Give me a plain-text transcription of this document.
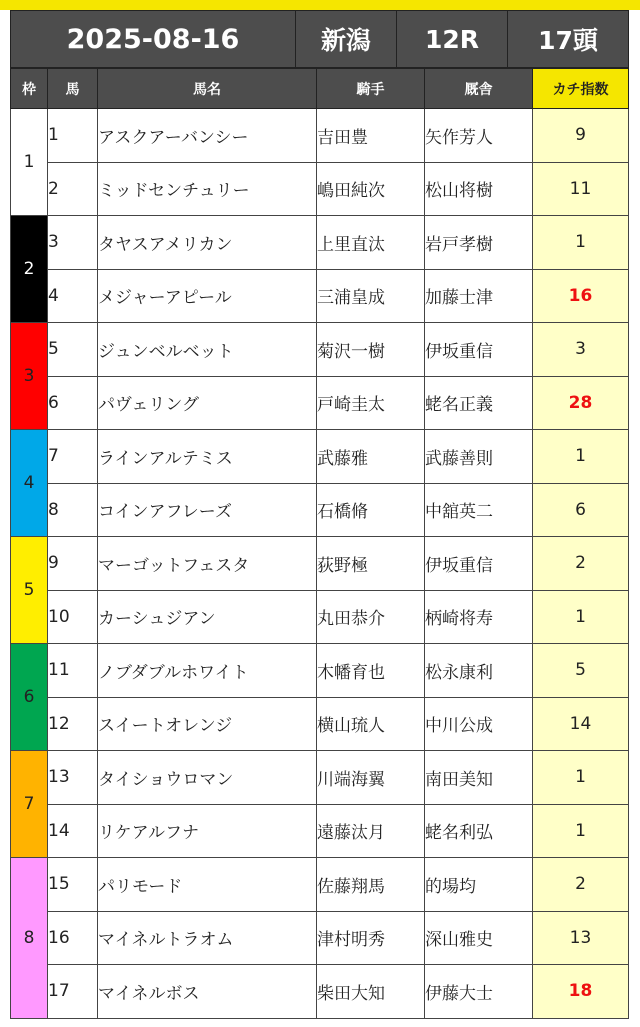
2025-08-16	新潟	12R	17頭
枠	馬	馬名	騎手	厩舎	カチ指数
1	1	アスクアーバンシー	吉田豊	矢作芳人	9
	2	ミッドセンチュリー	嶋田純次	松山将樹	11
2	3	タヤスアメリカン	上里直汰	岩戸孝樹	1
	4	メジャーアピール	三浦皇成	加藤士津	16
3	5	ジュンベルベット	菊沢一樹	伊坂重信	3
	6	パヴェリング	戸崎圭太	蛯名正義	28
4	7	ラインアルテミス	武藤雅	武藤善則	1
	8	コインアフレーズ	石橋脩	中舘英二	6
5	9	マーゴットフェスタ	荻野極	伊坂重信	2
	10	カーシュジアン	丸田恭介	柄崎将寿	1
6	11	ノブダブルホワイト	木幡育也	松永康利	5
	12	スイートオレンジ	横山琉人	中川公成	14
7	13	タイショウロマン	川端海翼	南田美知	1
	14	リケアルフナ	遠藤汰月	蛯名利弘	1
8	15	パリモード	佐藤翔馬	的場均	2
	16	マイネルトラオム	津村明秀	深山雅史	13
	17	マイネルボス	柴田大知	伊藤大士	18
